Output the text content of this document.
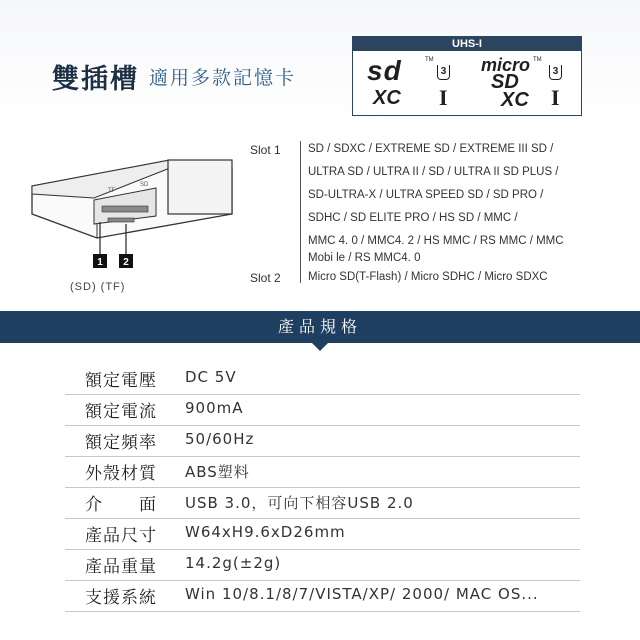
雙插槽 適用多款記憶卡
UHS-I
sd	TM
XC
3
I
micro TM
SD
XC
3
I
TF
SD
1 2
(SD) (TF)
Slot 1 SD / SDXC / EXTREME SD / EXTREME III SD /
ULTRA SD / ULTRA II / SD / ULTRA II SD PLUS /
SD-ULTRA-X / ULTRA SPEED SD / SD PRO /
SDHC / SD ELITE PRO / HS SD / MMC /
MMC 4. 0 / MMC4. 2 / HS MMC / RS MMC / MMC
Mobi le / RS MMC4. 0
Slot 2 Micro SD(T-Flash) / Micro SDHC / Micro SDXC
產品規格
額定電壓 DC 5V
額定電流 900mA
額定頻率 50/60Hz
外殼材質 ABS塑料
介　　面 USB 3.0，可向下相容USB 2.0
產品尺寸 W64xH9.6xD26mm
產品重量 14.2g(±2g)
支援系統 Win 10/8.1/8/7/VISTA/XP/ 2000/ MAC OS...
